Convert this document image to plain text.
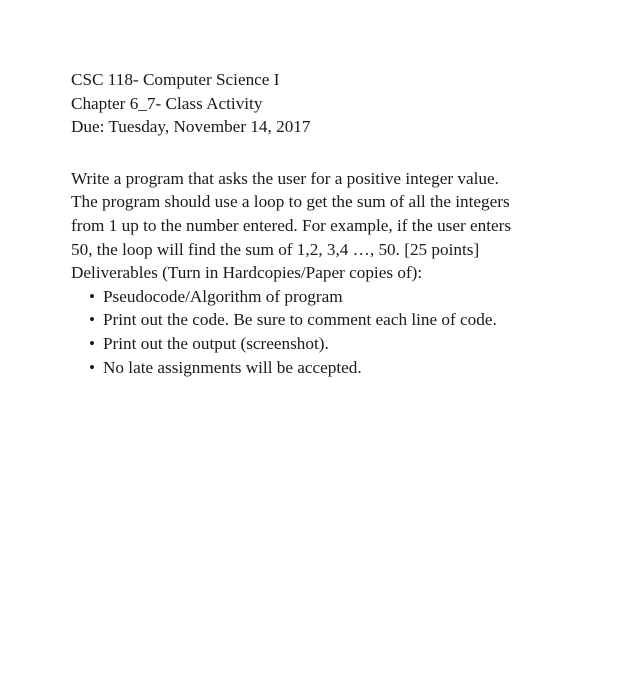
CSC 118- Computer Science I
Chapter 6_7- Class Activity
Due: Tuesday, November 14, 2017
Write a program that asks the user for a positive integer value.
The program should use a loop to get the sum of all the integers
from 1 up to the number entered. For example, if the user enters
50, the loop will find the sum of 1,2, 3,4 …, 50. [25 points]
Deliverables (Turn in Hardcopies/Paper copies of):
• Pseudocode/Algorithm of program
• Print out the code. Be sure to comment each line of code.
• Print out the output (screenshot).
• No late assignments will be accepted.
